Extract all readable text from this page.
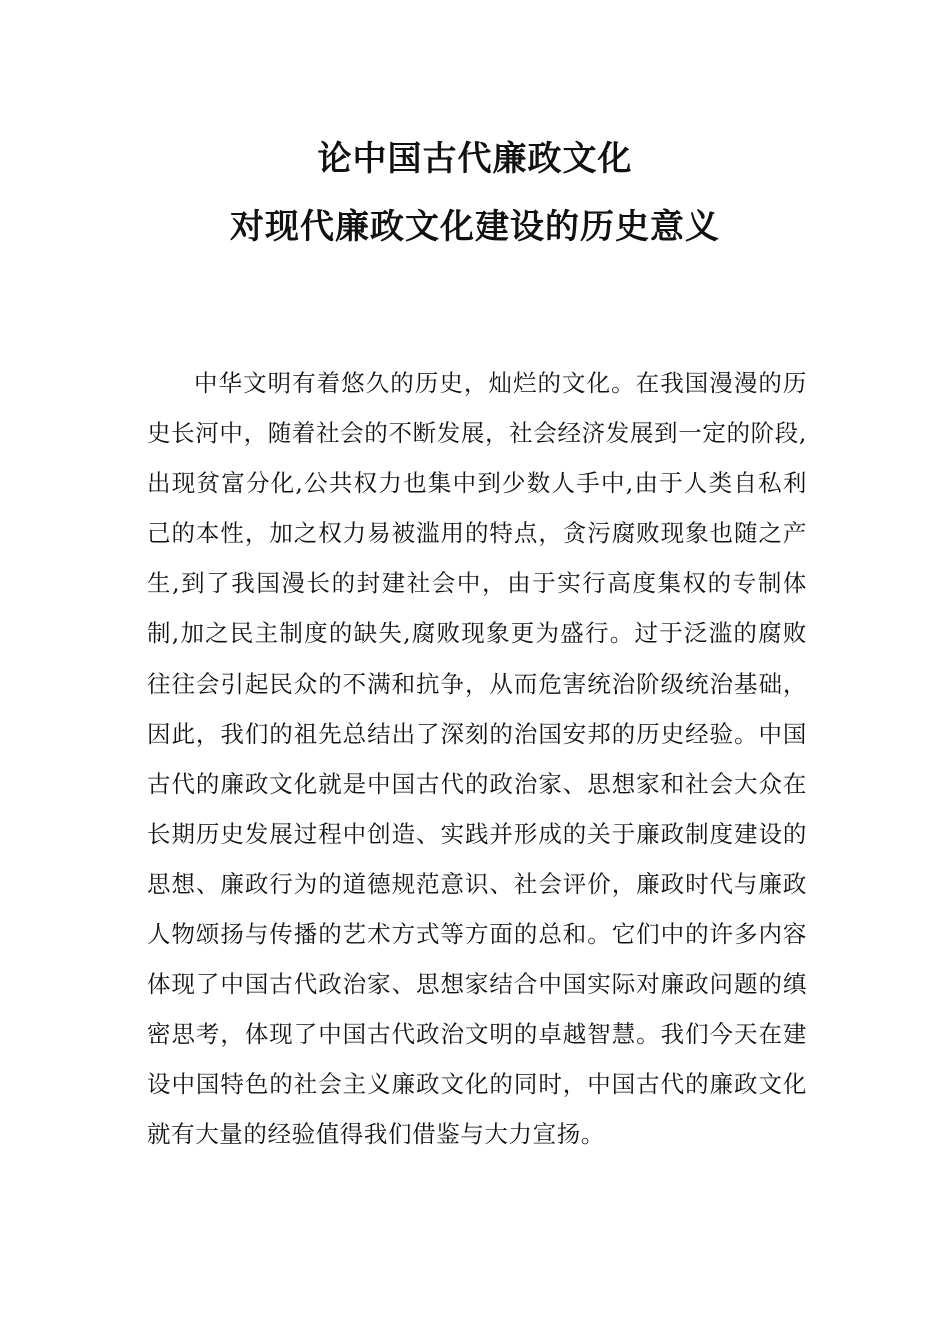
论中国古代廉政文化

对现代廉政文化建设的历史意义

中华文明有着悠久的历史，灿烂的文化。在我国漫漫的历史长河中，随着社会的不断发展，社会经济发展到一定的阶段,出现贫富分化,公共权力也集中到少数人手中,由于人类自私利己的本性，加之权力易被滥用的特点，贪污腐败现象也随之产生,到了我国漫长的封建社会中，由于实行高度集权的专制体制,加之民主制度的缺失,腐败现象更为盛行。过于泛滥的腐败往往会引起民众的不满和抗争，从而危害统治阶级统治基础，因此，我们的祖先总结出了深刻的治国安邦的历史经验。中国古代的廉政文化就是中国古代的政治家、思想家和社会大众在长期历史发展过程中创造、实践并形成的关于廉政制度建设的思想、廉政行为的道德规范意识、社会评价，廉政时代与廉政人物颂扬与传播的艺术方式等方面的总和。它们中的许多内容体现了中国古代政治家、思想家结合中国实际对廉政问题的缜密思考，体现了中国古代政治文明的卓越智慧。我们今天在建设中国特色的社会主义廉政文化的同时，中国古代的廉政文化就有大量的经验值得我们借鉴与大力宣扬。
